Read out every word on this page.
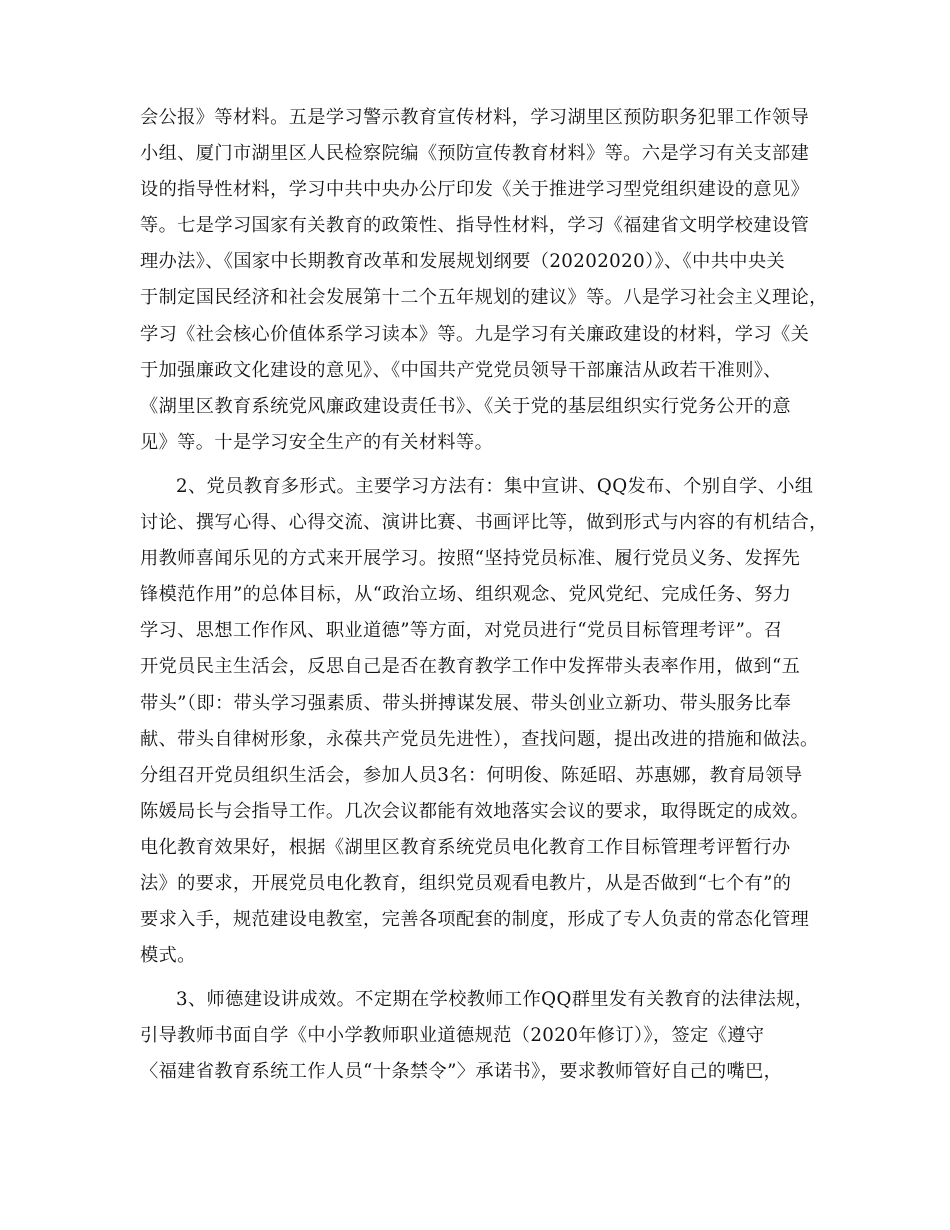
会公报》等材料。五是学习警示教育宣传材料，学习湖里区预防职务犯罪工作领导
小组、厦门市湖里区人民检察院编《预防宣传教育材料》等。六是学习有关支部建
设的指导性材料，学习中共中央办公厅印发《关于推进学习型党组织建设的意见》
等。七是学习国家有关教育的政策性、指导性材料，学习《福建省文明学校建设管
理办法》、《国家中长期教育改革和发展规划纲要（20202020）》、《中共中央关
于制定国民经济和社会发展第十二个五年规划的建议》等。八是学习社会主义理论，
学习《社会核心价值体系学习读本》等。九是学习有关廉政建设的材料，学习《关
于加强廉政文化建设的意见》、《中国共产党党员领导干部廉洁从政若干准则》、
《湖里区教育系统党风廉政建设责任书》、《关于党的基层组织实行党务公开的意
见》等。十是学习安全生产的有关材料等。
2、党员教育多形式。主要学习方法有：集中宣讲、QQ发布、个别自学、小组
讨论、撰写心得、心得交流、演讲比赛、书画评比等，做到形式与内容的有机结合，
用教师喜闻乐见的方式来开展学习。按照“坚持党员标准、履行党员义务、发挥先
锋模范作用”的总体目标，从“政治立场、组织观念、党风党纪、完成任务、努力
学习、思想工作作风、职业道德”等方面，对党员进行“党员目标管理考评”。召
开党员民主生活会，反思自己是否在教育教学工作中发挥带头表率作用，做到“五
带头”（即：带头学习强素质、带头拼搏谋发展、带头创业立新功、带头服务比奉
献、带头自律树形象，永葆共产党员先进性），查找问题，提出改进的措施和做法。
分组召开党员组织生活会，参加人员3名：何明俊、陈延昭、苏惠娜，教育局领导
陈媛局长与会指导工作。几次会议都能有效地落实会议的要求，取得既定的成效。
电化教育效果好，根据《湖里区教育系统党员电化教育工作目标管理考评暂行办
法》的要求，开展党员电化教育，组织党员观看电教片，从是否做到“七个有”的
要求入手，规范建设电教室，完善各项配套的制度，形成了专人负责的常态化管理
模式。
3、师德建设讲成效。不定期在学校教师工作QQ群里发有关教育的法律法规，
引导教师书面自学《中小学教师职业道德规范（2020年修订）》，签定《遵守
〈福建省教育系统工作人员“十条禁令”〉承诺书》，要求教师管好自己的嘴巴，
